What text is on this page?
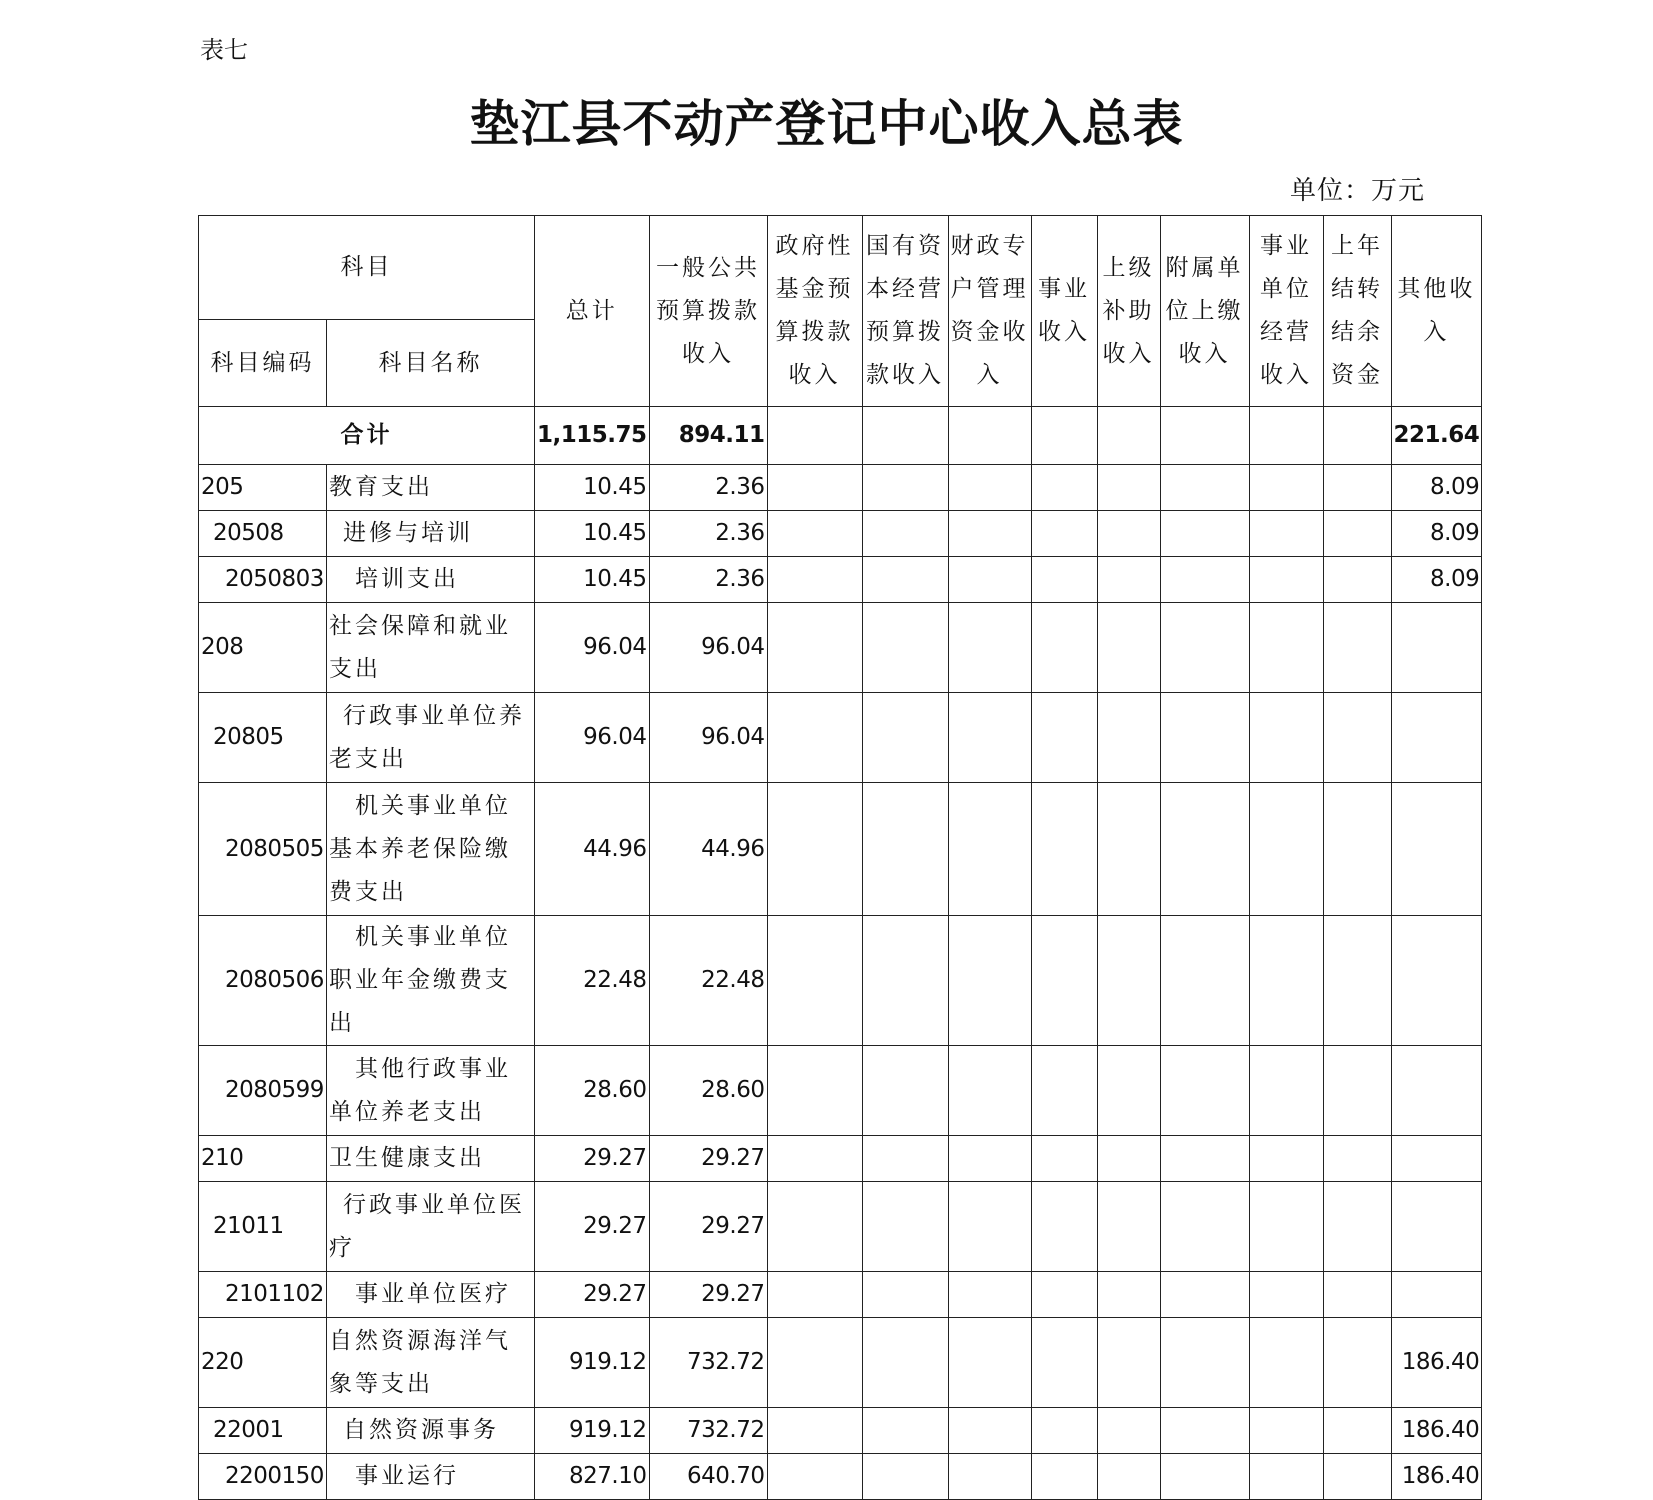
表七
垫江县不动产登记中心收入总表
单位：万元
科目		总计	一般公共预算拨款收入	政府性基金预算拨款收入	国有资本经营预算拨款收入	财政专户管理资金收入	事业收入	上级补助收入	附属单位上缴收入	事业单位经营收入	上年结转结余资金	其他收入
科目编码	科目名称											
合计		1,115.75	894.11									221.64
205	教育支出	10.45	2.36									8.09
20508	进修与培训	10.45	2.36									8.09
2050803	培训支出	10.45	2.36									8.09
208	社会保障和就业支出	96.04	96.04									
20805	行政事业单位养老支出	96.04	96.04									
2080505	机关事业单位基本养老保险缴费支出	44.96	44.96									
2080506	机关事业单位职业年金缴费支出	22.48	22.48									
2080599	其他行政事业单位养老支出	28.60	28.60									
210	卫生健康支出	29.27	29.27									
21011	行政事业单位医疗	29.27	29.27									
2101102	事业单位医疗	29.27	29.27									
220	自然资源海洋气象等支出	919.12	732.72									186.40
22001	自然资源事务	919.12	732.72									186.40
2200150	事业运行	827.10	640.70									186.40
